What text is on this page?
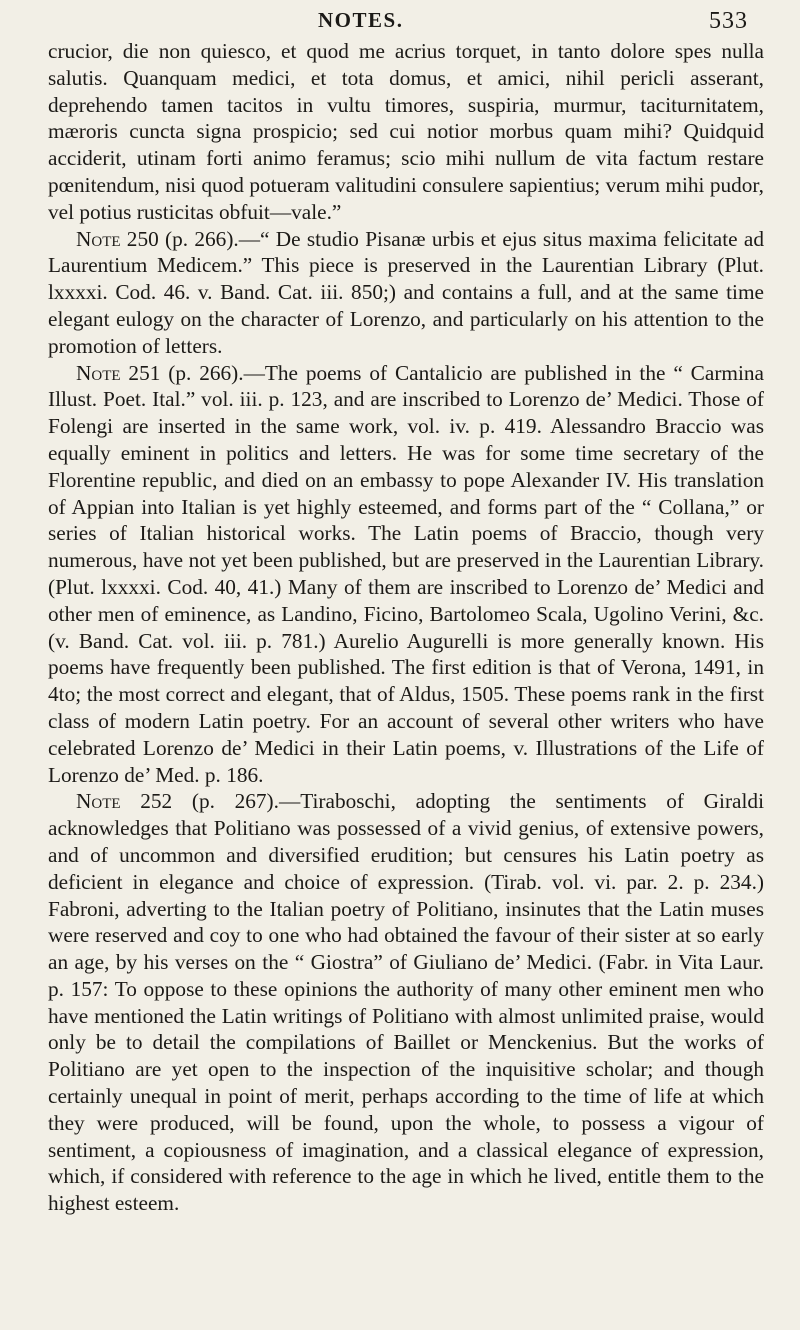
NOTES.	533

crucior, die non quiesco, et quod me acrius torquet, in tanto dolore spes nulla salutis. Quanquam medici, et tota domus, et amici, nihil pericli asserant, deprehendo tamen tacitos in vultu timores, suspiria, murmur, taciturnitatem, mæroris cuncta signa prospicio; sed cui notior morbus quam mihi? Quidquid acciderit, utinam forti animo feramus; scio mihi nullum de vita factum restare pœnitendum, nisi quod potueram valitudini consulere sapientius; verum mihi pudor, vel potius rusticitas obfuit—vale.”

Note 250 (p. 266).—“ De studio Pisanæ urbis et ejus situs maxima felicitate ad Laurentium Medicem.” This piece is preserved in the Laurentian Library (Plut. lxxxxi. Cod. 46. v. Band. Cat. iii. 850;) and contains a full, and at the same time elegant eulogy on the character of Lorenzo, and particularly on his attention to the promotion of letters.

Note 251 (p. 266).—The poems of Cantalicio are published in the “ Carmina Illust. Poet. Ital.” vol. iii. p. 123, and are inscribed to Lorenzo de’ Medici. Those of Folengi are inserted in the same work, vol. iv. p. 419. Alessandro Braccio was equally eminent in politics and letters. He was for some time secretary of the Florentine republic, and died on an embassy to pope Alexander IV. His translation of Appian into Italian is yet highly esteemed, and forms part of the “ Collana,” or series of Italian historical works. The Latin poems of Braccio, though very numerous, have not yet been published, but are preserved in the Laurentian Library. (Plut. lxxxxi. Cod. 40, 41.) Many of them are inscribed to Lorenzo de’ Medici and other men of eminence, as Landino, Ficino, Bartolomeo Scala, Ugolino Verini, &c. (v. Band. Cat. vol. iii. p. 781.) Aurelio Augurelli is more generally known. His poems have frequently been published. The first edition is that of Verona, 1491, in 4to; the most correct and elegant, that of Aldus, 1505. These poems rank in the first class of modern Latin poetry. For an account of several other writers who have celebrated Lorenzo de’ Medici in their Latin poems, v. Illustrations of the Life of Lorenzo de’ Med. p. 186.

Note 252 (p. 267).—Tiraboschi, adopting the sentiments of Giraldi acknowledges that Politiano was possessed of a vivid genius, of extensive powers, and of uncommon and diversified erudition; but censures his Latin poetry as deficient in elegance and choice of expression. (Tirab. vol. vi. par. 2. p. 234.) Fabroni, adverting to the Italian poetry of Politiano, insinutes that the Latin muses were reserved and coy to one who had obtained the favour of their sister at so early an age, by his verses on the “ Giostra” of Giuliano de’ Medici. (Fabr. in Vita Laur. p. 157: To oppose to these opinions the authority of many other eminent men who have mentioned the Latin writings of Politiano with almost unlimited praise, would only be to detail the compilations of Baillet or Menckenius. But the works of Politiano are yet open to the inspection of the inquisitive scholar; and though certainly unequal in point of merit, perhaps according to the time of life at which they were produced, will be found, upon the whole, to possess a vigour of sentiment, a copiousness of imagination, and a classical elegance of expression, which, if considered with reference to the age in which he lived, entitle them to the highest esteem.
